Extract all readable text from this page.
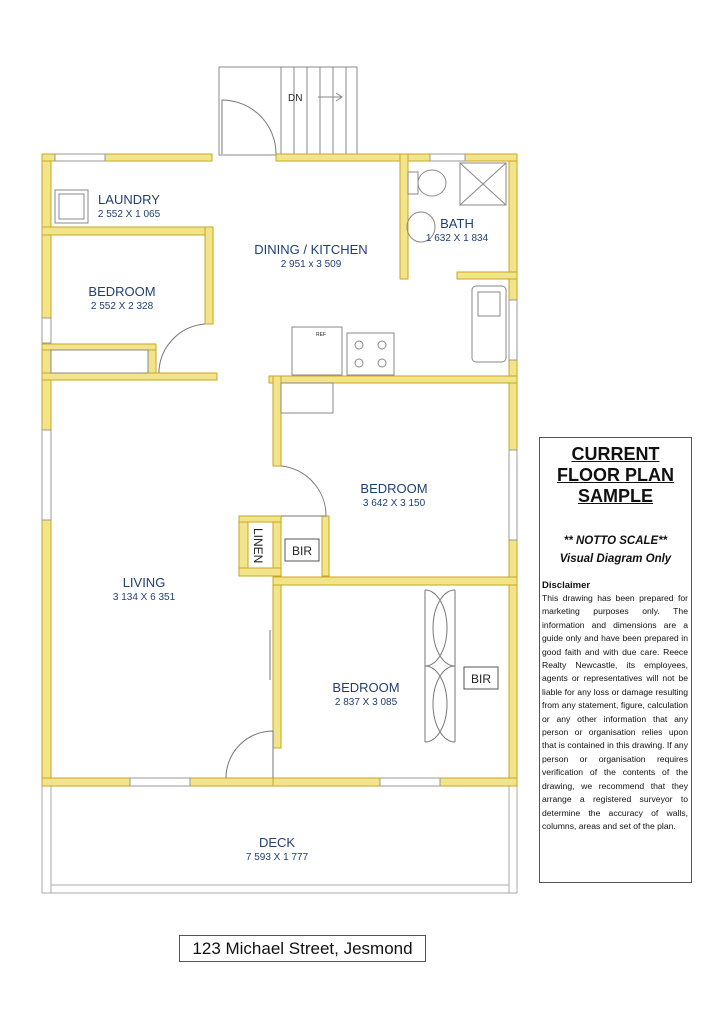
DN
REF
LAUNDRY
2 552 X 1 065
DINING / KITCHEN
2 951 x 3 509
BATH
1 632 X 1 834
BEDROOM
2 552 X 2 328
BEDROOM
3 642 X 3 150
LIVING
3 134 X 6 351
BEDROOM
2 837 X 3 085
DECK
7 593 X 1 777
LINEN BIR
BIR
CURRENT
FLOOR PLAN
SAMPLE
** NOTTO SCALE**
Visual Diagram Only
Disclaimer
This drawing has been prepared for marketing purposes only. The information and dimensions are a guide only and have been prepared in good faith and with due care. Reece Realty Newcastle, its employees, agents or representatives will not be liable for any loss or damage resulting from any statement, figure, calculation or any other information that any person or organisation relies upon that is contained in this drawing. If any person or organisation requires verification of the contents of the drawing, we recommend that they arrange a registered surveyor to determine the accuracy of walls, columns, areas and set of the plan.
123 Michael Street, Jesmond
